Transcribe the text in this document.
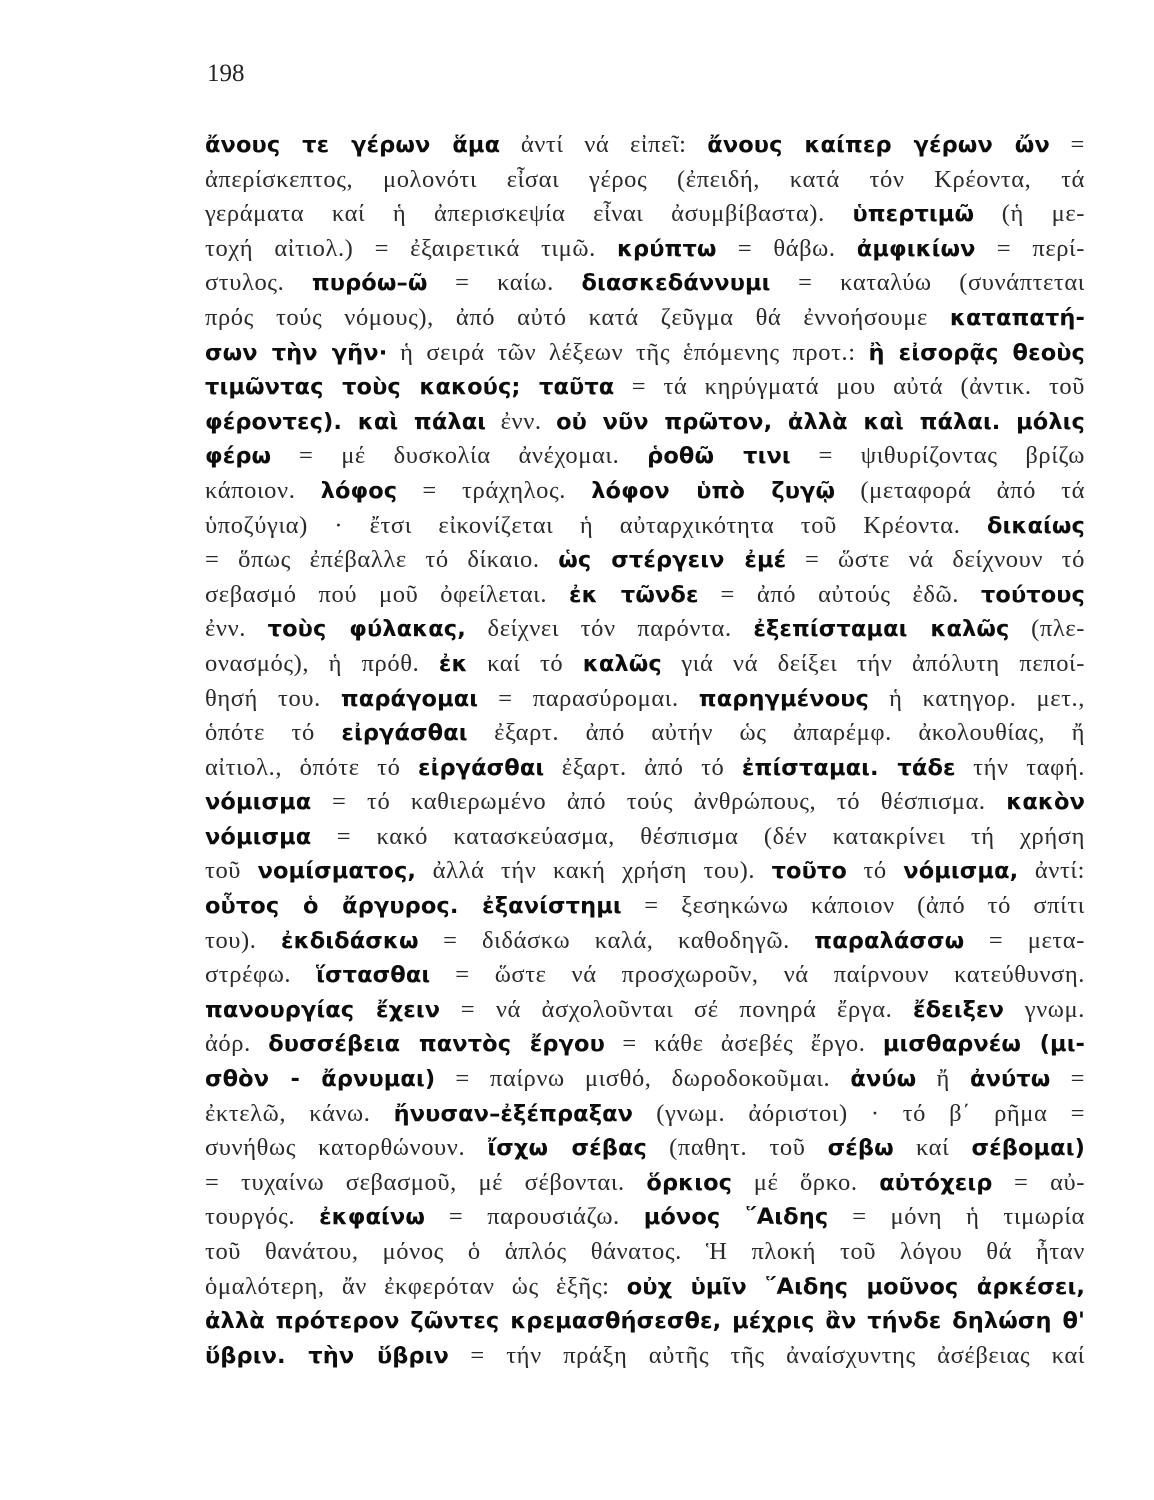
198
ἄνους τε γέρων ἅμα ἀντί νά εἰπεῖ: ἄνους καίπερ γέρων ὤν =
ἀπερίσκεπτος, μολονότι εἶσαι γέρος (ἐπειδή, κατά τόν Κρέοντα, τά
γεράματα καί ἡ ἀπερισκεψία εἶναι ἀσυμβίβαστα). ὑπερτιμῶ (ἡ με-
τοχή αἰτιολ.) = ἐξαιρετικά τιμῶ. κρύπτω = θάβω. ἀμφικίων = περί-
στυλος. πυρόω–ῶ = καίω. διασκεδάννυμι = καταλύω (συνάπτεται
πρός τούς νόμους), ἀπό αὐτό κατά ζεῦγμα θά ἐννοήσουμε καταπατή-
σων τὴν γῆν· ἡ σειρά τῶν λέξεων τῆς ἑπόμενης προτ.: ἢ εἰσορᾷς θεοὺς
τιμῶντας τοὺς κακούς; ταῦτα = τά κηρύγματά μου αὐτά (ἀντικ. τοῦ
φέροντες). καὶ πάλαι ἐνν. οὐ νῦν πρῶτον, ἀλλὰ καὶ πάλαι. μόλις
φέρω = μέ δυσκολία ἀνέχομαι. ῥοθῶ τινι = ψιθυρίζοντας βρίζω
κάποιον. λόφος = τράχηλος. λόφον ὑπὸ ζυγῷ (μεταφορά ἀπό τά
ὑποζύγια) · ἔτσι εἰκονίζεται ἡ αὐταρχικότητα τοῦ Κρέοντα. δικαίως
= ὅπως ἐπέβαλλε τό δίκαιο. ὡς στέργειν ἐμέ = ὥστε νά δείχνουν τό
σεβασμό πού μοῦ ὀφείλεται. ἐκ τῶνδε = ἀπό αὐτούς ἐδῶ. τούτους
ἐνν. τοὺς φύλακας, δείχνει τόν παρόντα. ἐξεπίσταμαι καλῶς (πλε-
ονασμός), ἡ πρόθ. ἐκ καί τό καλῶς γιά νά δείξει τήν ἀπόλυτη πεποί-
θησή του. παράγομαι = παρασύρομαι. παρηγμένους ἡ κατηγορ. μετ.,
ὁπότε τό εἰργάσθαι ἐξαρτ. ἀπό αὐτήν ὡς ἀπαρέμφ. ἀκολουθίας, ἤ
αἰτιολ., ὁπότε τό εἰργάσθαι ἐξαρτ. ἀπό τό ἐπίσταμαι. τάδε τήν ταφή.
νόμισμα = τό καθιερωμένο ἀπό τούς ἀνθρώπους, τό θέσπισμα. κακὸν
νόμισμα = κακό κατασκεύασμα, θέσπισμα (δέν κατακρίνει τή χρήση
τοῦ νομίσματος, ἀλλά τήν κακή χρήση του). τοῦτο τό νόμισμα, ἀντί:
οὗτος ὁ ἄργυρος. ἐξανίστημι = ξεσηκώνω κάποιον (ἀπό τό σπίτι
του). ἐκδιδάσκω = διδάσκω καλά, καθοδηγῶ. παραλάσσω = μετα-
στρέφω. ἵστασθαι = ὥστε νά προσχωροῦν, νά παίρνουν κατεύθυνση.
πανουργίας ἔχειν = νά ἀσχολοῦνται σέ πονηρά ἔργα. ἔδειξεν γνωμ.
ἀόρ. δυσσέβεια παντὸς ἔργου = κάθε ἀσεβές ἔργο. μισθαρνέω (μι-
σθὸν - ἄρνυμαι) = παίρνω μισθό, δωροδοκοῦμαι. ἀνύω ἤ ἀνύτω =
ἐκτελῶ, κάνω. ἤνυσαν–ἐξέπραξαν (γνωμ. ἀόριστοι) · τό β΄ ρῆμα =
συνήθως κατορθώνουν. ἴσχω σέβας (παθητ. τοῦ σέβω καί σέβομαι)
= τυχαίνω σεβασμοῦ, μέ σέβονται. ὅρκιος μέ ὅρκο. αὐτόχειρ = αὐ-
τουργός. ἐκφαίνω = παρουσιάζω. μόνος ῞Αιδης = μόνη ἡ τιμωρία
τοῦ θανάτου, μόνος ὁ ἁπλός θάνατος. Ἡ πλοκή τοῦ λόγου θά ἦταν
ὁμαλότερη, ἄν ἐκφερόταν ὡς ἑξῆς: οὐχ ὑμῖν ῞Αιδης μοῦνος ἀρκέσει,
ἀλλὰ πρότερον ζῶντες κρεμασθήσεσθε, μέχρις ἂν τήνδε δηλώση θ'
ὕβριν. τὴν ὕβριν = τήν πράξη αὐτῆς τῆς ἀναίσχυντης ἀσέβειας καί
